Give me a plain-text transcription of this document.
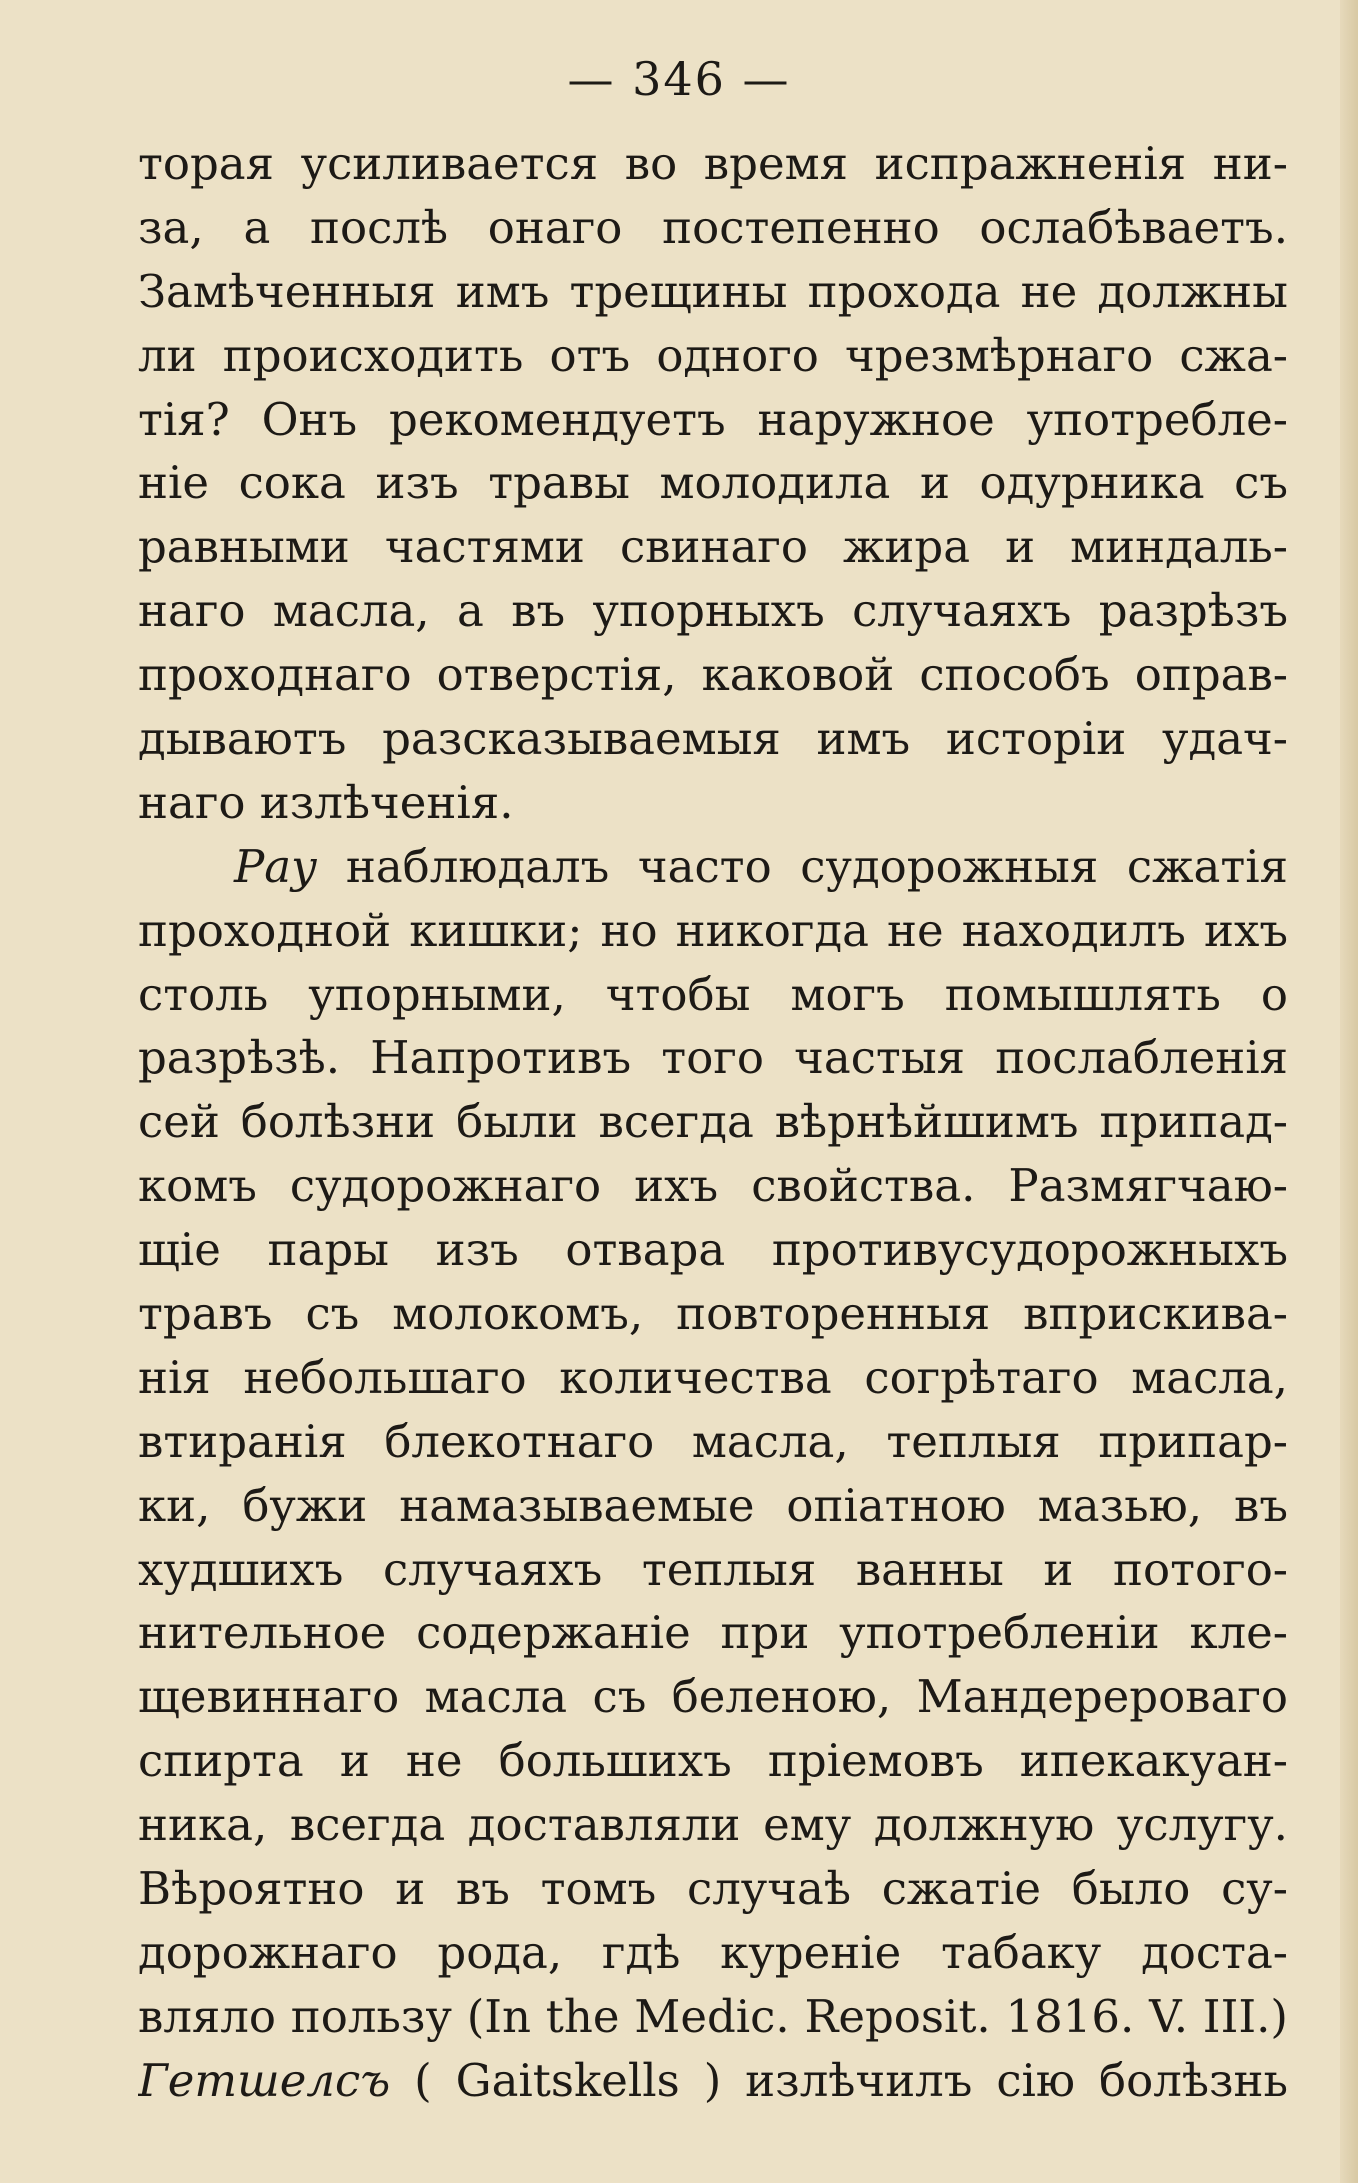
— 346 —
торая усиливается во время испражненія ни-
за, а послѣ онаго постепенно ослабѣваетъ.
Замѣченныя имъ трещины прохода не должны
ли происходить отъ одного чрезмѣрнаго сжа-
тія? Онъ рекомендуетъ наружное употребле-
ніе сока изъ травы молодила и одурника съ
равными частями свинаго жира и миндаль-
наго масла, а въ упорныхъ случаяхъ разрѣзъ
проходнаго отверстія, каковой способъ оправ-
дываютъ разсказываемыя имъ исторіи удач-
наго излѣченія.
Рау наблюдалъ часто судорожныя сжатія
проходной кишки; но никогда не находилъ ихъ
столь упорными, чтобы могъ помышлять о
разрѣзѣ. Напротивъ того частыя послабленія
сей болѣзни были всегда вѣрнѣйшимъ припад-
комъ судорожнаго ихъ свойства. Размягчаю-
щіе пары изъ отвара противусудорожныхъ
травъ съ молокомъ, повторенныя вприскива-
нія небольшаго количества согрѣтаго масла,
втиранія блекотнаго масла, теплыя припар-
ки, бужи намазываемые опіатною мазью, въ
худшихъ случаяхъ теплыя ванны и потого-
нительное содержаніе при употребленіи кле-
щевиннаго масла съ беленою, Мандерероваго
спирта и не большихъ пріемовъ ипекакуан-
ника, всегда доставляли ему должную услугу.
Вѣроятно и въ томъ случаѣ сжатіе было су-
дорожнаго рода, гдѣ куреніе табаку доста-
вляло пользу (In the Medic. Reposit. 1816. V. III.)
Гетшелсъ ( Gaitskells ) излѣчилъ сію болѣзнь
